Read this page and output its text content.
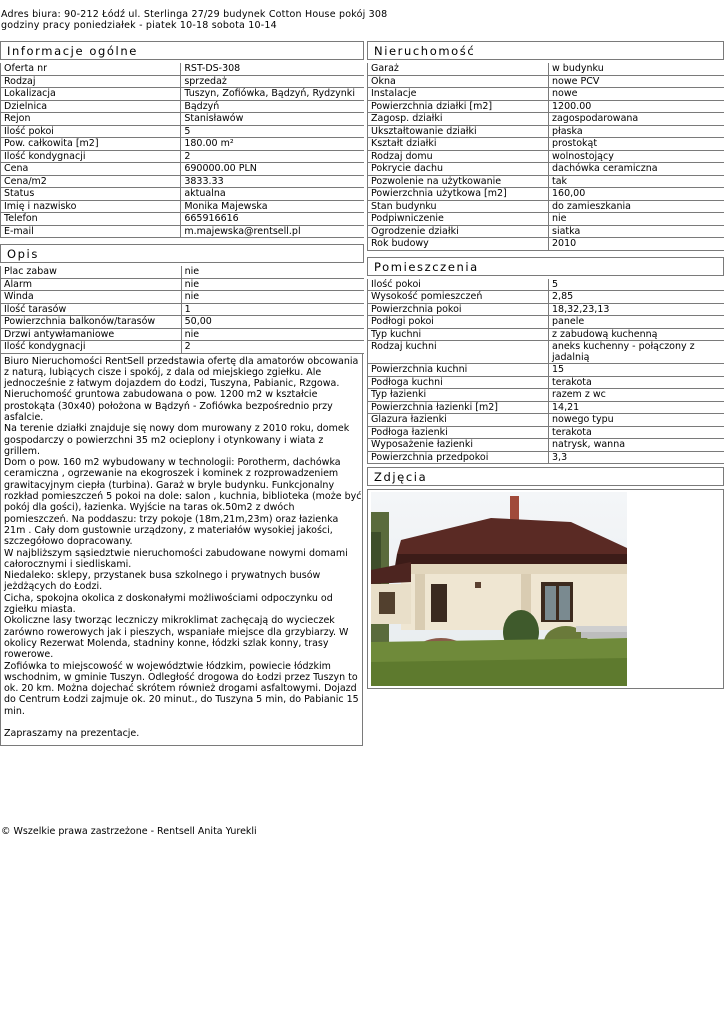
Adres biura: 90-212 Łódź ul. Sterlinga 27/29 budynek Cotton House pokój 308
godziny pracy poniedziałek - piatek 10-18 sobota 10-14
Informacje ogólne
Oferta nr	RST-DS-308
Rodzaj	sprzedaż
Lokalizacja	Tuszyn, Zofiówka, Bądzyń, Rydzynki
Dzielnica	Bądzyń
Rejon	Stanisławów
Ilość pokoi	5
Pow. całkowita [m2]	180.00 m²
Ilość kondygnacji	2
Cena	690000.00 PLN
Cena/m2	3833.33
Status	aktualna
Imię i nazwisko	Monika Majewska
Telefon	665916616
E-mail	m.majewska@rentsell.pl
Opis
Plac zabaw	nie
Alarm	nie
Winda	nie
Ilość tarasów	1
Powierzchnia balkonów/tarasów	50,00
Drzwi antywłamaniowe	nie
Ilość kondygnacji	2

Biuro Nieruchomości RentSell przedstawia ofertę dla amatorów obcowania z naturą, lubiących cisze i spokój, z dala od miejskiego zgiełku. Ale jednocześnie z łatwym dojazdem do Łodzi, Tuszyna, Pabianic, Rzgowa.

Nieruchomość gruntowa zabudowana o pow. 1200 m2 w kształcie prostokąta (30x40) położona w Bądzyń - Zofiówka bezpośrednio przy asfalcie.

Na terenie działki znajduje się nowy dom murowany z 2010 roku, domek gospodarczy o powierzchni 35 m2 ocieplony i otynkowany i wiata z grillem.

Dom o pow. 160 m2 wybudowany w technologii: Porotherm, dachówka ceramiczna , ogrzewanie na ekogroszek i kominek z rozprowadzeniem grawitacyjnym ciepła (turbina). Garaż w bryle budynku. Funkcjonalny rozkład pomieszczeń 5 pokoi na dole: salon , kuchnia, biblioteka (może być pokój dla gości), łazienka. Wyjście na taras ok.50m2 z dwóch pomieszczeń. Na poddaszu: trzy pokoje (18m,21m,23m) oraz łazienka 21m . Cały dom gustownie urządzony, z materiałów wysokiej jakości, szczegółowo dopracowany.

W najbliższym sąsiedztwie nieruchomości zabudowane nowymi domami całorocznymi i siedliskami.

Niedaleko: sklepy, przystanek busa szkolnego i prywatnych busów jeżdżących do Łodzi.

Cicha, spokojna okolica z doskonałymi możliwościami odpoczynku od zgiełku miasta.

Okoliczne lasy tworząc leczniczy mikroklimat zachęcają do wycieczek zarówno rowerowych jak i pieszych, wspaniałe miejsce dla grzybiarzy. W okolicy Rezerwat Molenda, stadniny konne, łódzki szlak konny, trasy rowerowe.

Zofiówka to miejscowość w województwie łódzkim, powiecie łódzkim wschodnim, w gminie Tuszyn. Odległość drogowa do Łodzi przez Tuszyn to ok. 20 km. Można dojechać skrótem również drogami asfaltowymi. Dojazd do Centrum Łodzi zajmuje ok. 20 minut., do Tuszyna 5 min, do Pabianic 15 min.

Zapraszamy na prezentacje.

Nieruchomość
Garaż	w budynku
Okna	nowe PCV
Instalacje	nowe
Powierzchnia działki [m2]	1200.00
Zagosp. działki	zagospodarowana
Ukształtowanie działki	płaska
Kształt działki	prostokąt
Rodzaj domu	wolnostojący
Pokrycie dachu	dachówka ceramiczna
Pozwolenie na użytkowanie	tak
Powierzchnia użytkowa [m2]	160,00
Stan budynku	do zamieszkania
Podpiwniczenie	nie
Ogrodzenie działki	siatka
Rok budowy	2010
Pomieszczenia
Ilość pokoi	5
Wysokość pomieszczeń	2,85
Powierzchnia pokoi	18,32,23,13
Podłogi pokoi	panele
Typ kuchni	z zabudową kuchenną
Rodzaj kuchni	aneks kuchenny - połączony z jadalnią
Powierzchnia kuchni	15
Podłoga kuchni	terakota
Typ łazienki	razem z wc
Powierzchnia łazienki [m2]	14,21
Glazura łazienki	nowego typu
Podłoga łazienki	terakota
Wyposażenie łazienki	natrysk, wanna
Powierzchnia przedpokoi	3,3
Zdjęcia
© Wszelkie prawa zastrzeżone - Rentsell Anita Yurekli
